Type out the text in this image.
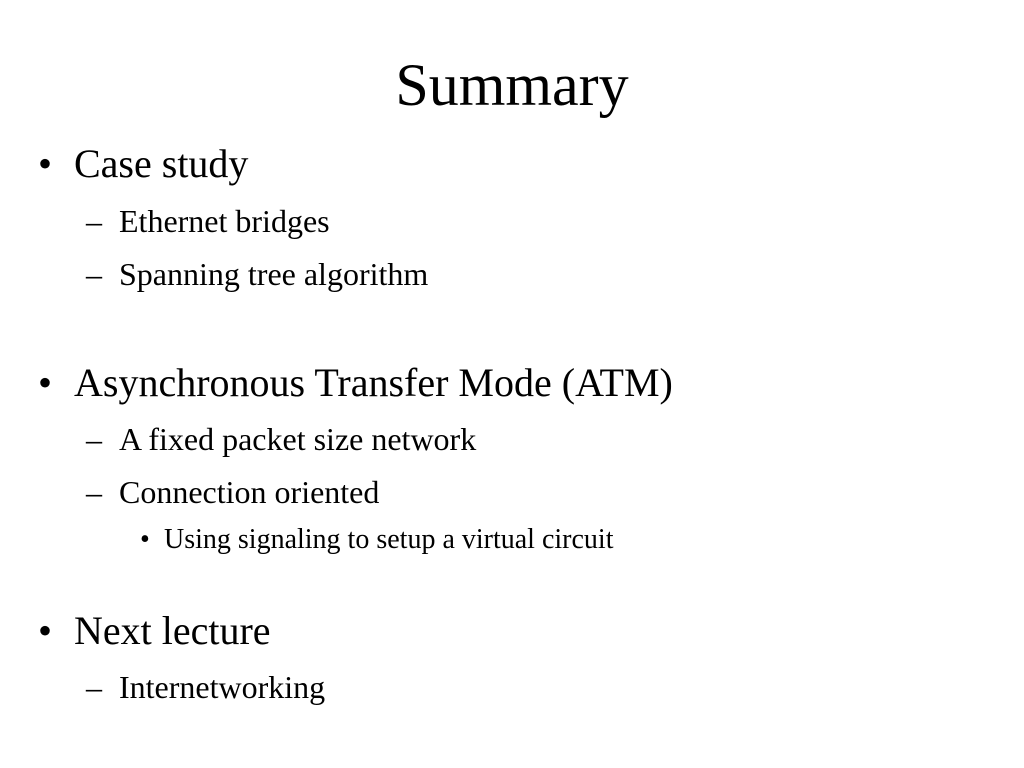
Summary
• Case study
– Ethernet bridges
– Spanning tree algorithm
• Asynchronous Transfer Mode (ATM)
– A fixed packet size network
– Connection oriented
• Using signaling to setup a virtual circuit
• Next lecture
– Internetworking
